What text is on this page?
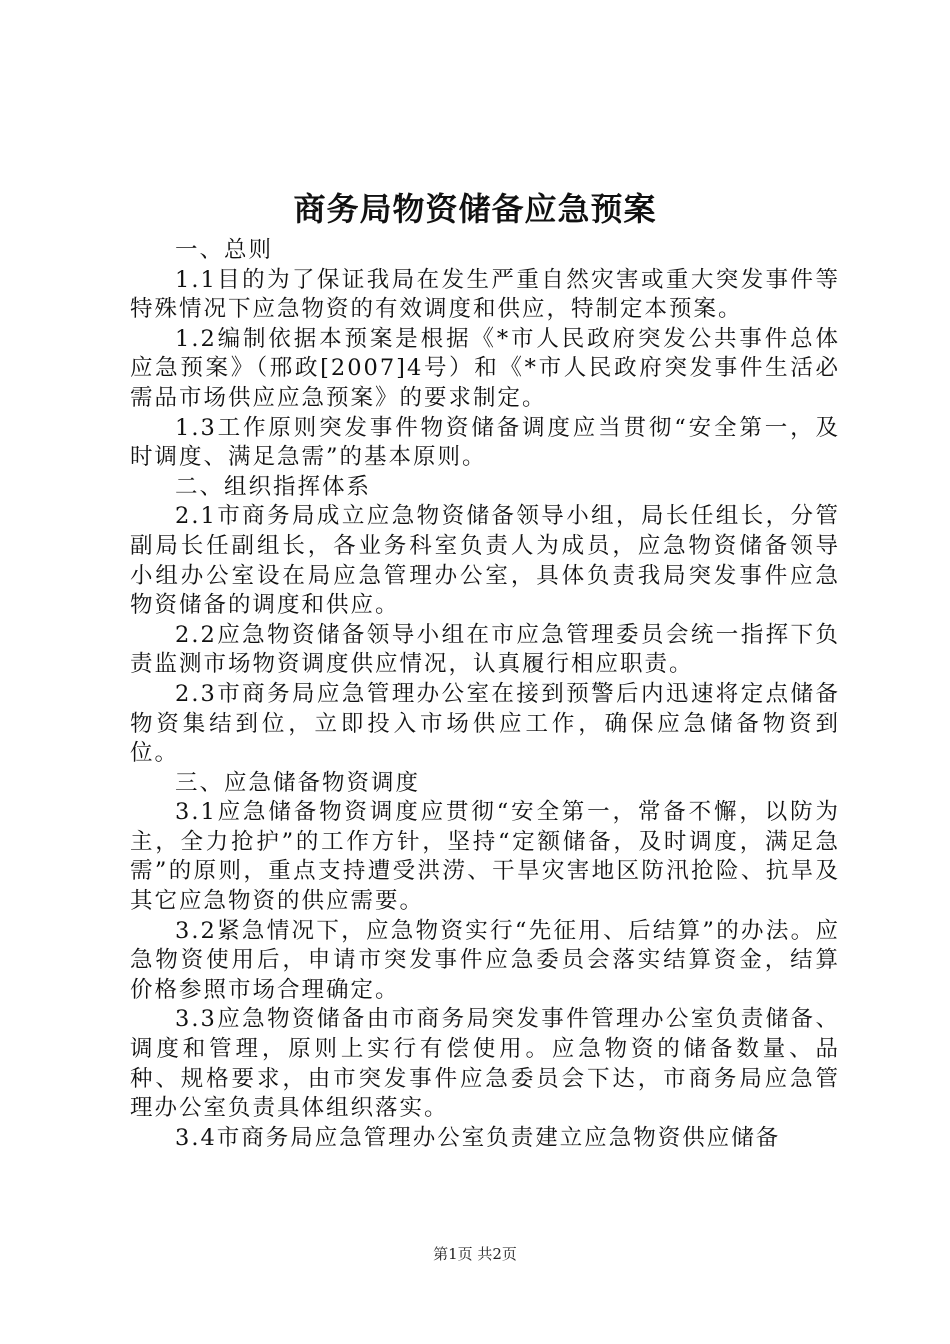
商务局物资储备应急预案

一、总则

1.1目的为了保证我局在发生严重自然灾害或重大突发事件等特殊情况下应急物资的有效调度和供应，特制定本预案。

1.2编制依据本预案是根据《*市人民政府突发公共事件总体应急预案》（邢政[2007]4号）和《*市人民政府突发事件生活必需品市场供应应急预案》的要求制定。

1.3工作原则突发事件物资储备调度应当贯彻“安全第一，及时调度、满足急需”的基本原则。

二、组织指挥体系

2.1市商务局成立应急物资储备领导小组，局长任组长，分管副局长任副组长，各业务科室负责人为成员，应急物资储备领导小组办公室设在局应急管理办公室，具体负责我局突发事件应急物资储备的调度和供应。

2.2应急物资储备领导小组在市应急管理委员会统一指挥下负责监测市场物资调度供应情况，认真履行相应职责。

2.3市商务局应急管理办公室在接到预警后内迅速将定点储备物资集结到位，立即投入市场供应工作，确保应急储备物资到位。

三、应急储备物资调度

3.1应急储备物资调度应贯彻“安全第一，常备不懈，以防为主，全力抢护”的工作方针，坚持“定额储备，及时调度，满足急需”的原则，重点支持遭受洪涝、干旱灾害地区防汛抢险、抗旱及其它应急物资的供应需要。

3.2紧急情况下，应急物资实行“先征用、后结算”的办法。应急物资使用后，申请市突发事件应急委员会落实结算资金，结算价格参照市场合理确定。

3.3应急物资储备由市商务局突发事件管理办公室负责储备、调度和管理，原则上实行有偿使用。应急物资的储备数量、品种、规格要求，由市突发事件应急委员会下达，市商务局应急管理办公室负责具体组织落实。

3.4市商务局应急管理办公室负责建立应急物资供应储备

第1页 共2页
